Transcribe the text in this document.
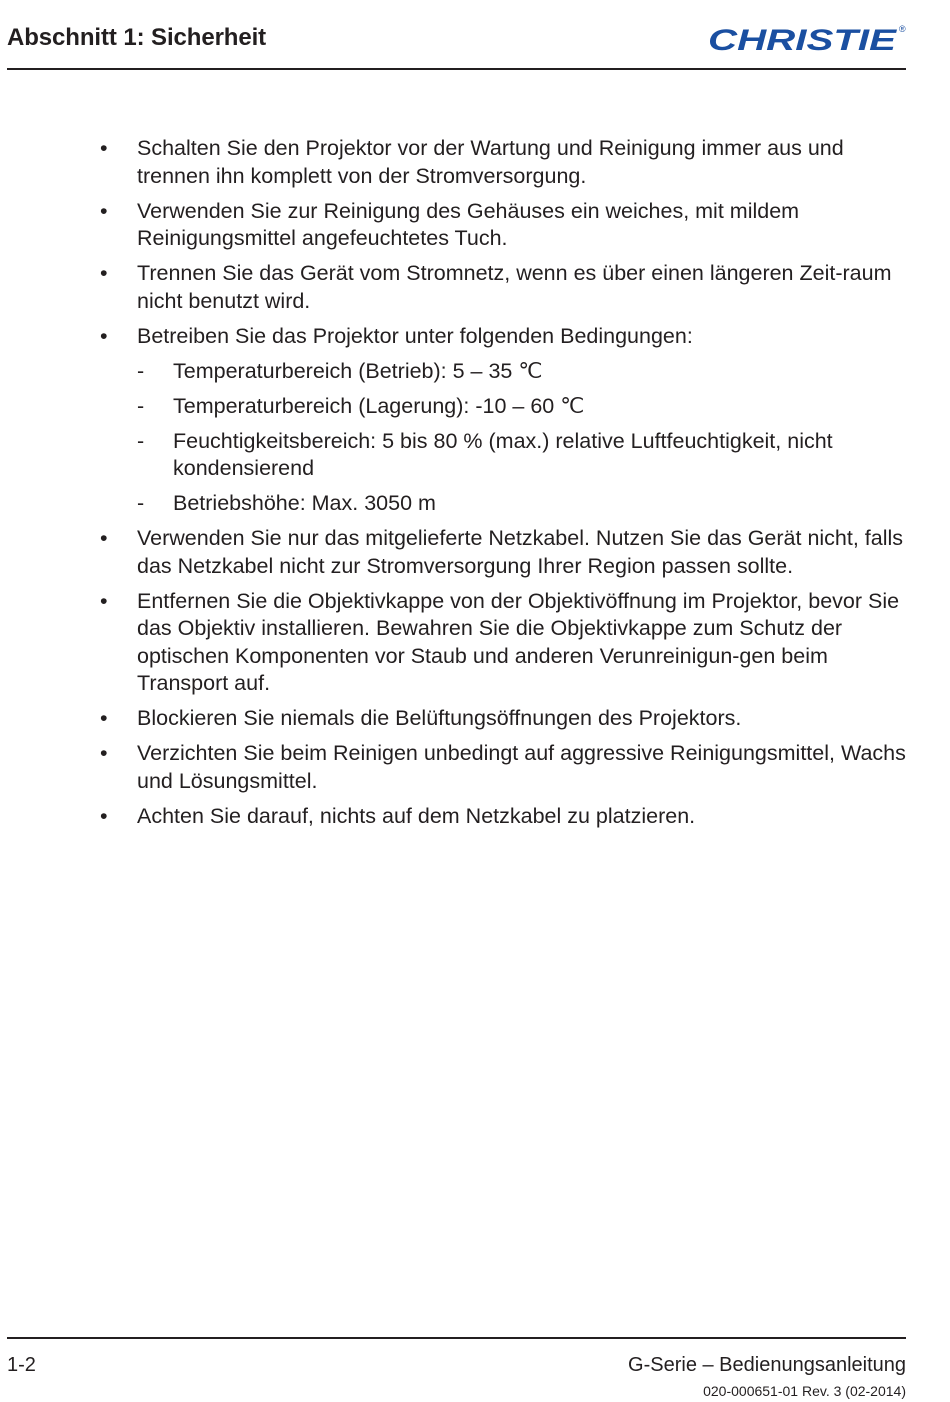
Abschnitt 1: Sicherheit	CHRISTIE ®
•	Schalten Sie den Projektor vor der Wartung und Reinigung immer aus und trennen ihn komplett von der Stromversorgung.
•	Verwenden Sie zur Reinigung des Gehäuses ein weiches, mit mildem Reinigungsmittel angefeuchtetes Tuch.
•	Trennen Sie das Gerät vom Stromnetz, wenn es über einen längeren Zeit-raum nicht benutzt wird.
•	Betreiben Sie das Projektor unter folgenden Bedingungen:
-	Temperaturbereich (Betrieb): 5 – 35 ℃
-	Temperaturbereich (Lagerung): -10 – 60 ℃
-	Feuchtigkeitsbereich: 5 bis 80 % (max.) relative Luftfeuchtigkeit, nicht kondensierend
-	Betriebshöhe: Max. 3050 m
•	Verwenden Sie nur das mitgelieferte Netzkabel. Nutzen Sie das Gerät nicht, falls das Netzkabel nicht zur Stromversorgung Ihrer Region passen sollte.
•	Entfernen Sie die Objektivkappe von der Objektivöffnung im Projektor, bevor Sie das Objektiv installieren. Bewahren Sie die Objektivkappe zum Schutz der optischen Komponenten vor Staub und anderen Verunreinigun-gen beim Transport auf.
•	Blockieren Sie niemals die Belüftungsöffnungen des Projektors.
•	Verzichten Sie beim Reinigen unbedingt auf aggressive Reinigungsmittel, Wachs und Lösungsmittel.
•	Achten Sie darauf, nichts auf dem Netzkabel zu platzieren.
1-2	G-Serie – Bedienungsanleitung
020-000651-01 Rev. 3 (02-2014)
